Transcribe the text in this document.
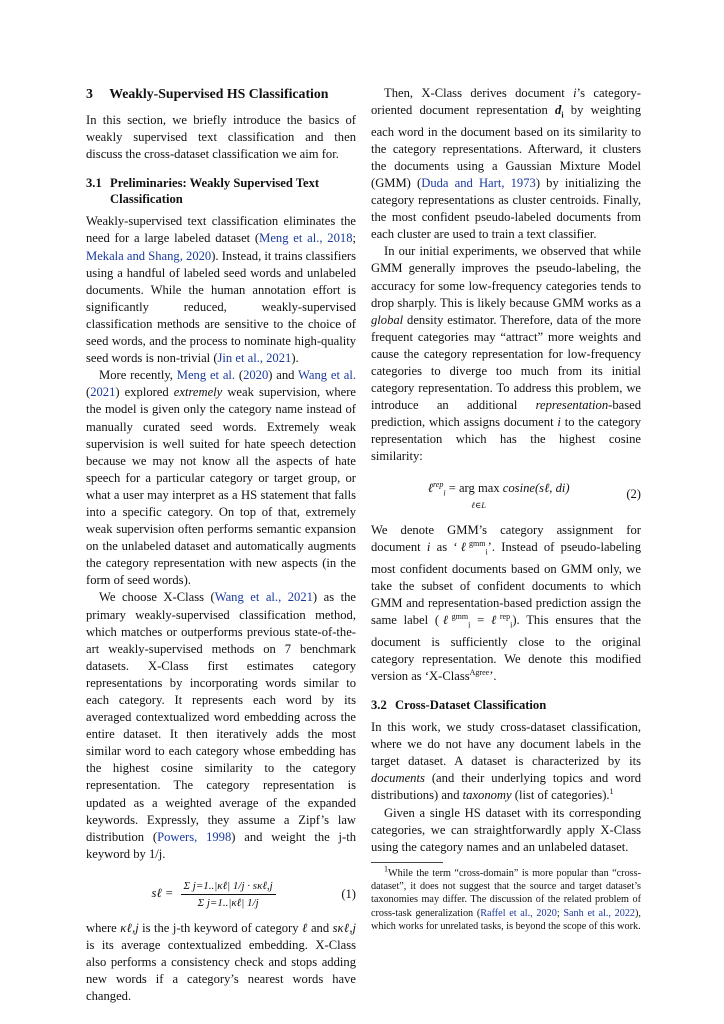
3 Weakly-Supervised HS Classification

In this section, we briefly introduce the basics of weakly supervised text classification and then discuss the cross-dataset classification we aim for.

3.1 Preliminaries: Weakly Supervised Text Classification

Weakly-supervised text classification eliminates the need for a large labeled dataset (Meng et al., 2018; Mekala and Shang, 2020). Instead, it trains classifiers using a handful of labeled seed words and unlabeled documents. While the human annotation effort is significantly reduced, weakly-supervised classification methods are sensitive to the choice of seed words, and the process to nominate high-quality seed words is non-trivial (Jin et al., 2021).

More recently, Meng et al. (2020) and Wang et al. (2021) explored extremely weak supervision, where the model is given only the category name instead of manually curated seed words. Extremely weak supervision is well suited for hate speech detection because we may not know all the aspects of hate speech for a particular category or target group, or what a user may interpret as a HS statement that falls into a specific category. On top of that, extremely weak supervision often performs semantic expansion on the unlabeled dataset and automatically augments the category representation with new aspects (in the form of seed words).

We choose X-Class (Wang et al., 2021) as the primary weakly-supervised classification method, which matches or outperforms previous state-of-the-art weakly-supervised methods on 7 benchmark datasets. X-Class first estimates category representations by incorporating words similar to each category. It represents each word by its averaged contextualized word embedding across the entire dataset. It then iteratively adds the most similar word to each category whose embedding has the highest cosine similarity to the category representation. The category representation is updated as a weighted average of the expanded keywords. Expressly, they assume a Zipf’s law distribution (Powers, 1998) and weight the j-th keyword by 1/j.

sℓ = $\frac{\text{Σ j=1..|κℓ| 1/j · sκℓ,j}}{\text{Σ j=1..|κℓ| 1/j}}$	(1)

where κℓ,j is the j-th keyword of category ℓ and sκℓ,j is its average contextualized embedding. X-Class also performs a consistency check and stops adding new words if a category’s nearest words have changed.

Then, X-Class derives document i’s category-oriented document representation $d_i$ by weighting each word in the document based on its similarity to the category representations. Afterward, it clusters the documents using a Gaussian Mixture Model (GMM) (Duda and Hart, 1973) by initializing the category representations as cluster centroids. Finally, the most confident pseudo-labeled documents from each cluster are used to train a text classifier.

In our initial experiments, we observed that while GMM generally improves the pseudo-labeling, the accuracy for some low-frequency categories tends to drop sharply. This is likely because GMM works as a global density estimator. Therefore, data of the more frequent categories may “attract” more weights and cause the category representation for low-frequency categories to diverge too much from its initial category representation. To address this problem, we introduce an additional representation-based prediction, which assigns document i to the category representation which has the highest cosine similarity:

ℓ$^{rep}_i$ = arg max cosine(sℓ, di)
ℓ∈L
(2)

We denote GMM’s category assignment for document i as ‘ℓ$^{gmm}_i$’. Instead of pseudo-labeling most confident documents based on GMM only, we take the subset of confident documents to which GMM and representation-based prediction assign the same label (ℓ$^{gmm}_i$ = ℓ$^{rep}_i$). This ensures that the document is sufficiently close to the original category representation. We denote this modified version as ‘X-Class$^{Agree}$’.

3.2 Cross-Dataset Classification

In this work, we study cross-dataset classification, where we do not have any document labels in the target dataset. A dataset is characterized by its documents (and their underlying topics and word distributions) and taxonomy (list of categories).$^1$

Given a single HS dataset with its corresponding categories, we can straightforwardly apply X-Class using the category names and an unlabeled dataset.

$^1$While the term “cross-domain” is more popular than “cross-dataset”, it does not suggest that the source and target dataset’s taxonomies may differ. The discussion of the related problem of cross-task generalization (Raffel et al., 2020; Sanh et al., 2022), which works for unrelated tasks, is beyond the scope of this work.
